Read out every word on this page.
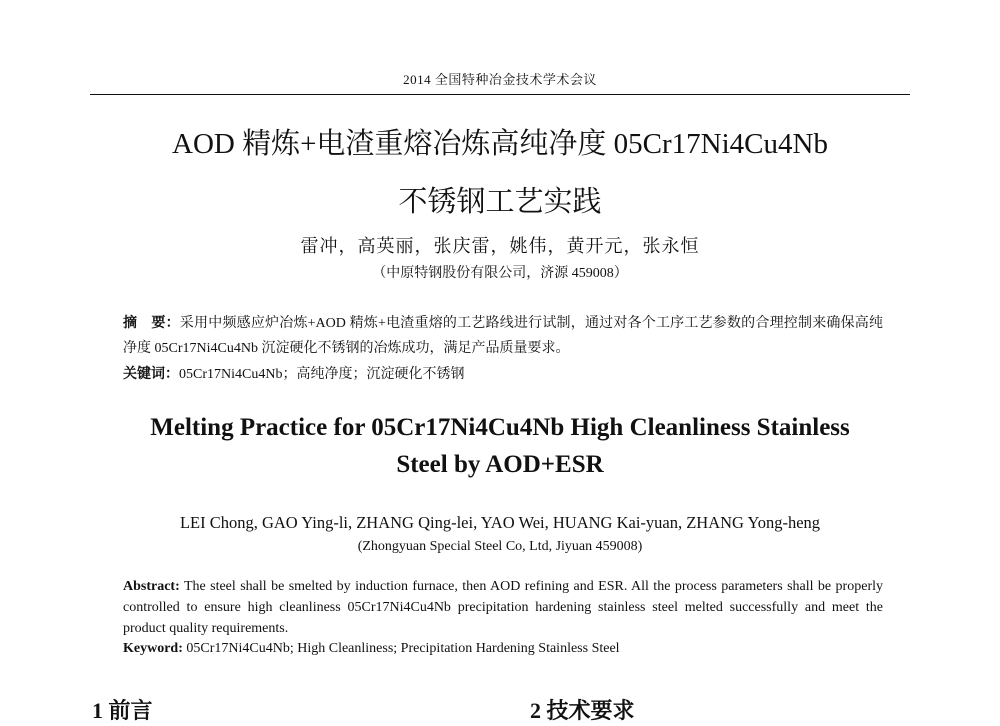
2014 全国特种冶金技术学术会议
AOD 精炼+电渣重熔冶炼高纯净度 05Cr17Ni4Cu4Nb
不锈钢工艺实践
雷冲，高英丽，张庆雷，姚伟，黄开元，张永恒
（中原特钢股份有限公司，济源 459008）
摘　要：采用中频感应炉冶炼+AOD 精炼+电渣重熔的工艺路线进行试制，通过对各个工序工艺参数的合理控制来确保高纯净度 05Cr17Ni4Cu4Nb 沉淀硬化不锈钢的冶炼成功，满足产品质量要求。
关键词：05Cr17Ni4Cu4Nb；高纯净度；沉淀硬化不锈钢
Melting Practice for 05Cr17Ni4Cu4Nb High Cleanliness Stainless
Steel by AOD+ESR
LEI Chong, GAO Ying-li, ZHANG Qing-lei, YAO Wei, HUANG Kai-yuan, ZHANG Yong-heng
(Zhongyuan Special Steel Co, Ltd, Jiyuan 459008)
Abstract: The steel shall be smelted by induction furnace, then AOD refining and ESR. All the process parameters shall be properly controlled to ensure high cleanliness 05Cr17Ni4Cu4Nb precipitation hardening stainless steel melted successfully and meet the product quality requirements.
Keyword: 05Cr17Ni4Cu4Nb; High Cleanliness; Precipitation Hardening Stainless Steel
1 前言	2 技术要求
